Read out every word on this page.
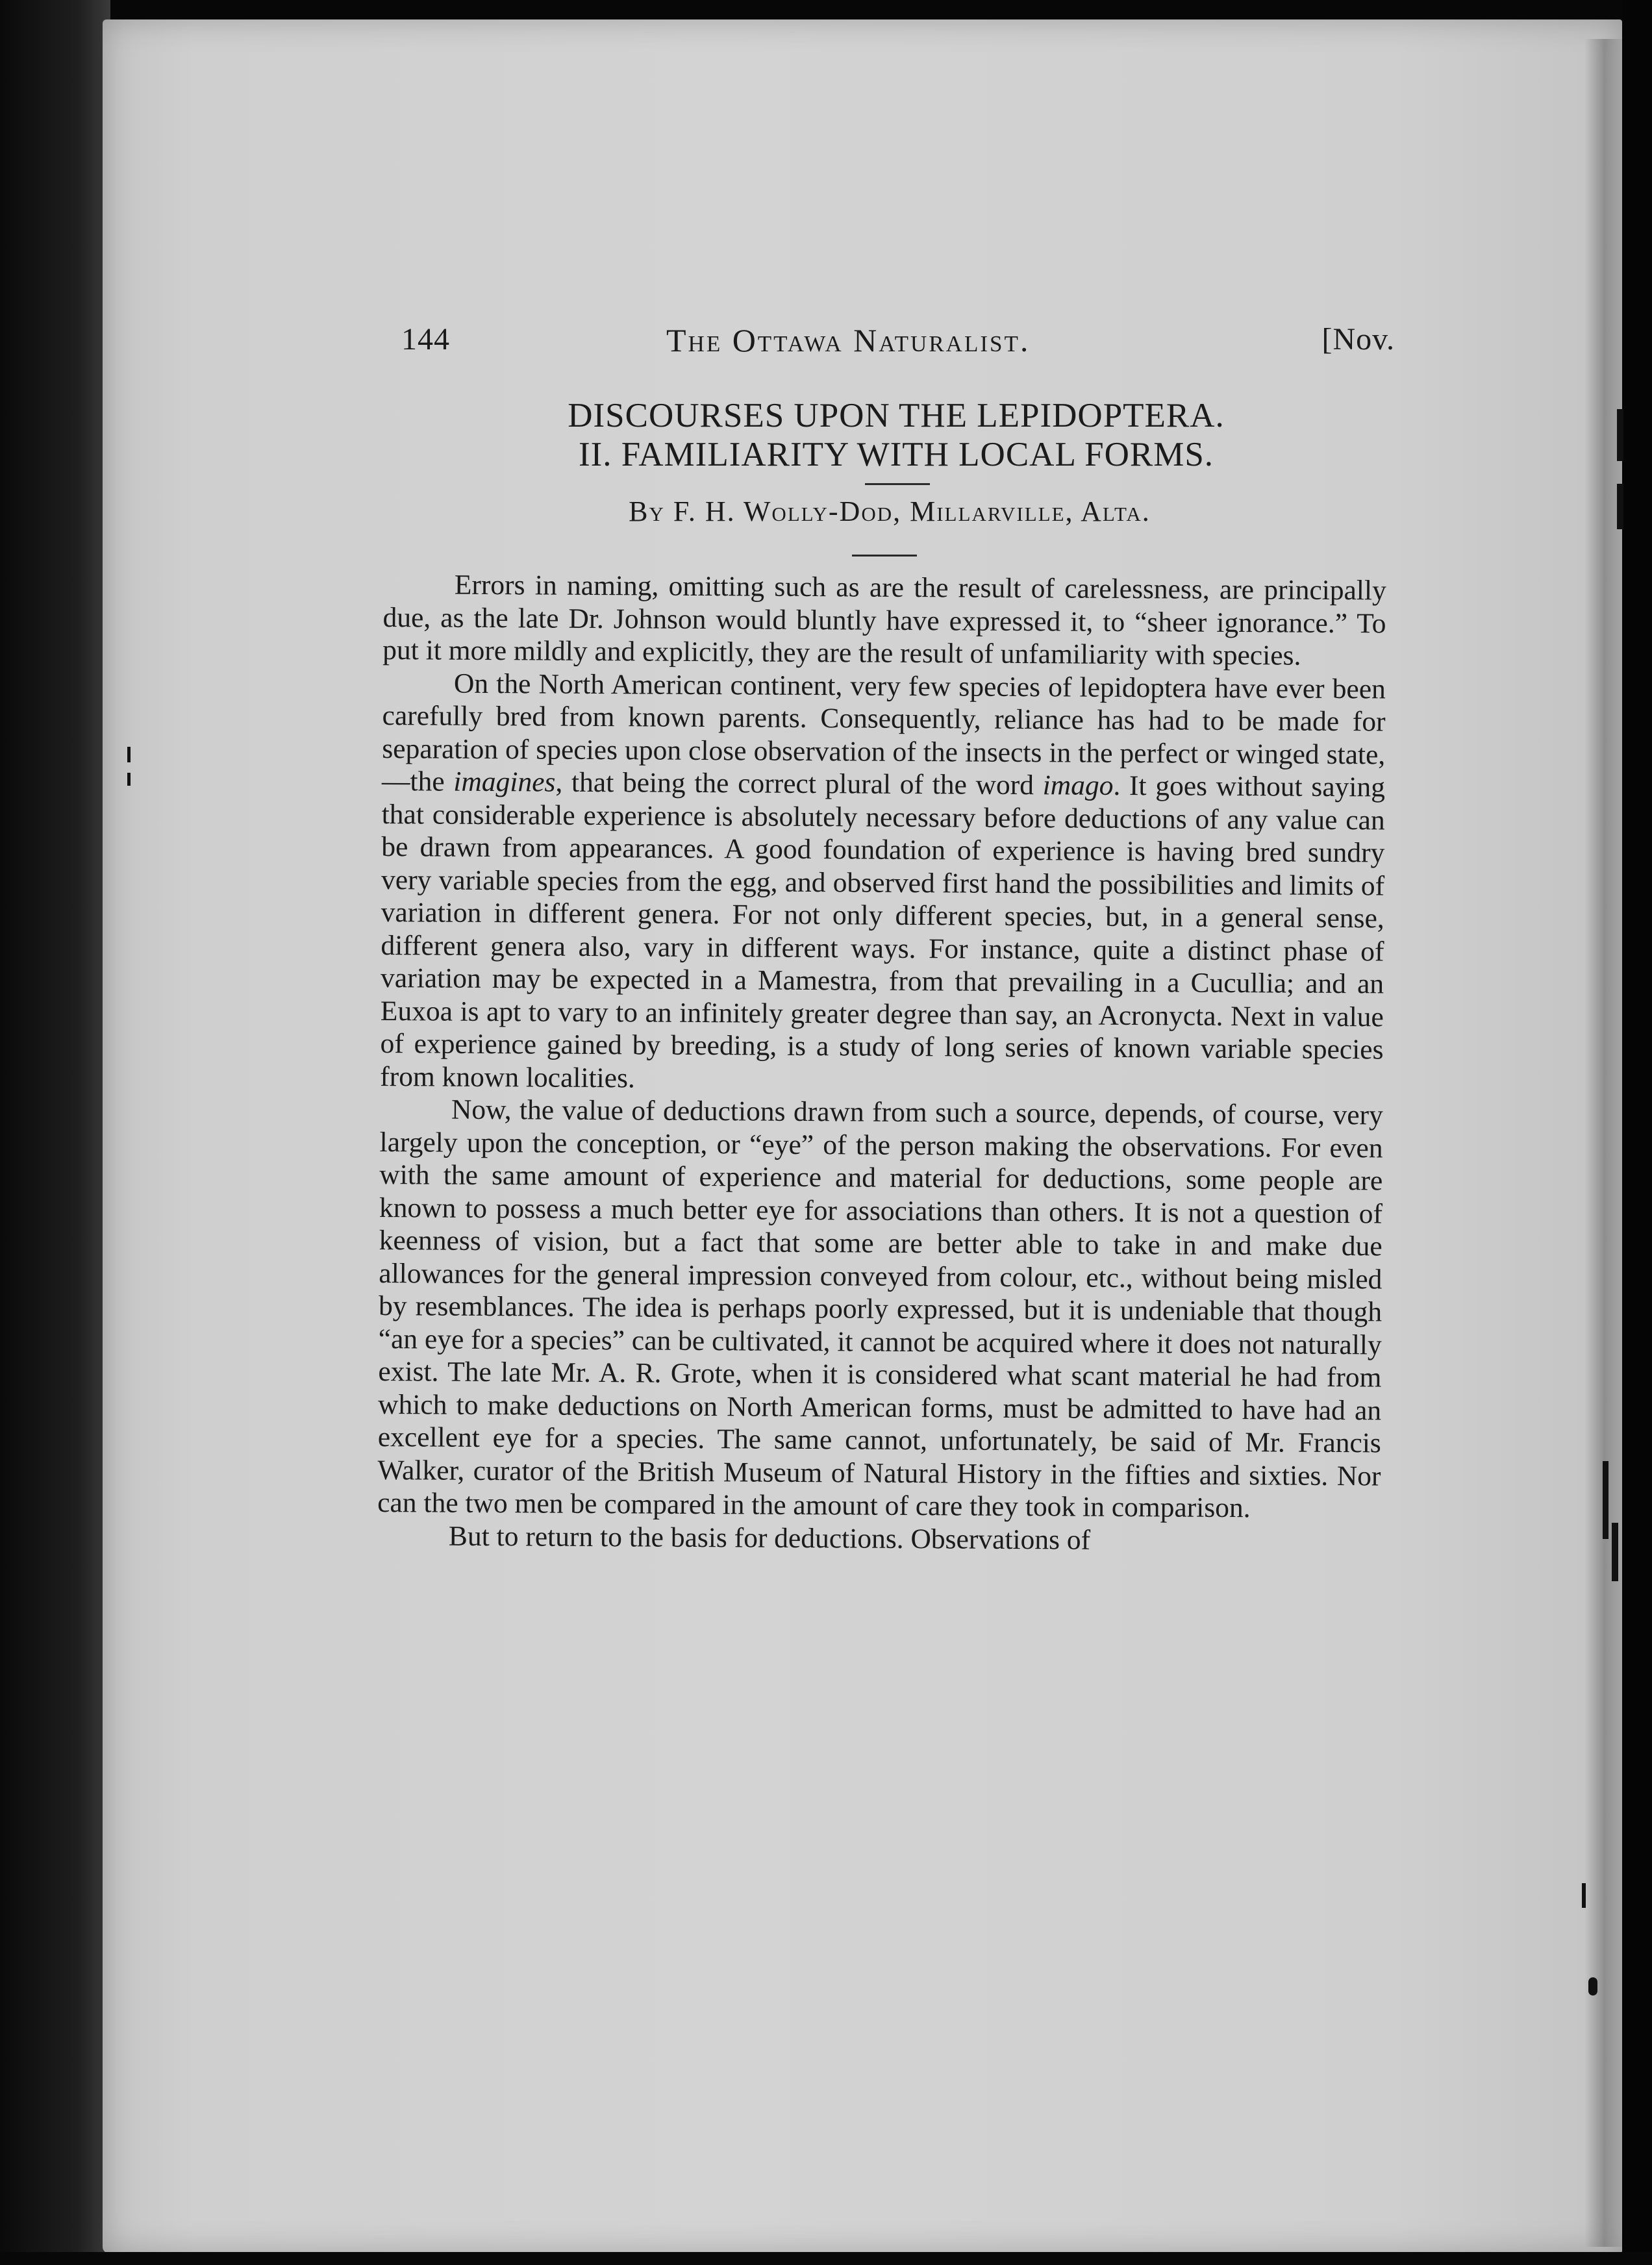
144	The Ottawa Naturalist.	[Nov.
DISCOURSES UPON THE LEPIDOPTERA.
II. FAMILIARITY WITH LOCAL FORMS.
By F. H. Wolly-Dod, Millarville, Alta.

Errors in naming, omitting such as are the result of carelessness, are principally due, as the late Dr. Johnson would bluntly have expressed it, to “sheer ignorance.” To put it more mildly and explicitly, they are the result of unfamiliarity with species.

On the North American continent, very few species of lepidoptera have ever been carefully bred from known parents. Consequently, reliance has had to be made for separation of species upon close observation of the insects in the perfect or winged state,—the imagines, that being the correct plural of the word imago. It goes without saying that considerable experience is absolutely necessary before deductions of any value can be drawn from appearances. A good foundation of experience is having bred sundry very variable species from the egg, and observed first hand the possibilities and limits of variation in different genera. For not only different species, but, in a general sense, different genera also, vary in different ways. For instance, quite a distinct phase of variation may be expected in a Mamestra, from that prevailing in a Cucullia; and an Euxoa is apt to vary to an infinitely greater degree than say, an Acronycta. Next in value of experience gained by breeding, is a study of long series of known variable species from known localities.

Now, the value of deductions drawn from such a source, depends, of course, very largely upon the conception, or “eye” of the person making the observations. For even with the same amount of experience and material for deductions, some people are known to possess a much better eye for associations than others. It is not a question of keenness of vision, but a fact that some are better able to take in and make due allowances for the general impression conveyed from colour, etc., without being misled by resemblances. The idea is perhaps poorly expressed, but it is undeniable that though “an eye for a species” can be cultivated, it cannot be acquired where it does not naturally exist. The late Mr. A. R. Grote, when it is considered what scant material he had from which to make deductions on North American forms, must be admitted to have had an excellent eye for a species. The same cannot, unfortunately, be said of Mr. Francis Walker, curator of the British Museum of Natural History in the fifties and sixties. Nor can the two men be compared in the amount of care they took in comparison.

But to return to the basis for deductions. Observations of
